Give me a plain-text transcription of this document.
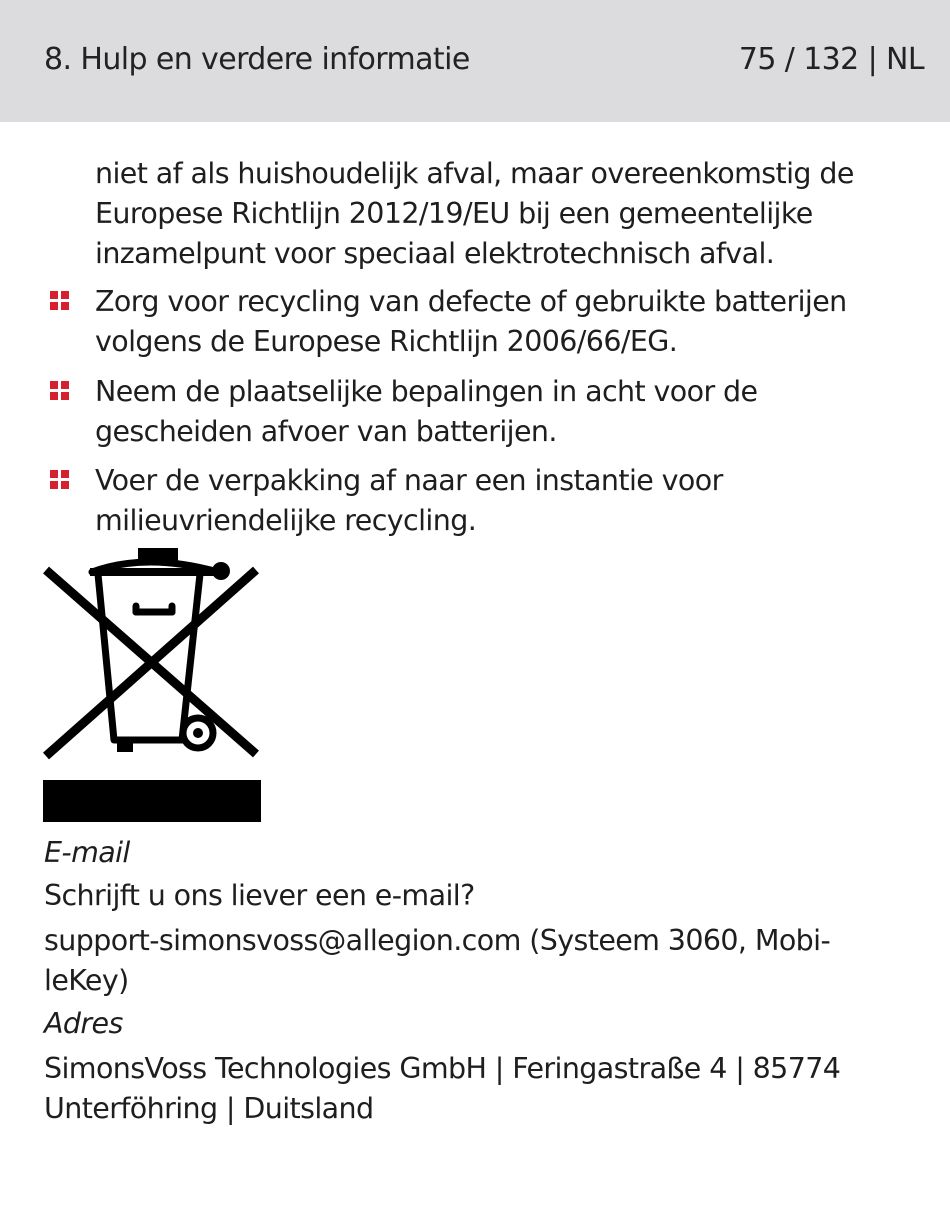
8. Hulp en verdere informatie	75 / 132 | NL
niet af als huishoudelijk afval, maar overeenkomstig de
Europese Richtlijn 2012/19/EU bij een gemeentelijke
inzamelpunt voor speciaal elektrotechnisch afval.
Zorg voor recycling van defecte of gebruikte batterijen
volgens de Europese Richtlijn 2006/66/EG.
Neem de plaatselijke bepalingen in acht voor de
gescheiden afvoer van batterijen.
Voer de verpakking af naar een instantie voor
milieuvriendelijke recycling.
E-mail
Schrijft u ons liever een e-mail?
support-simonsvoss@allegion.com (Systeem 3060, Mobi-
leKey)
Adres
SimonsVoss Technologies GmbH | Feringastraße 4 | 85774
Unterföhring | Duitsland
